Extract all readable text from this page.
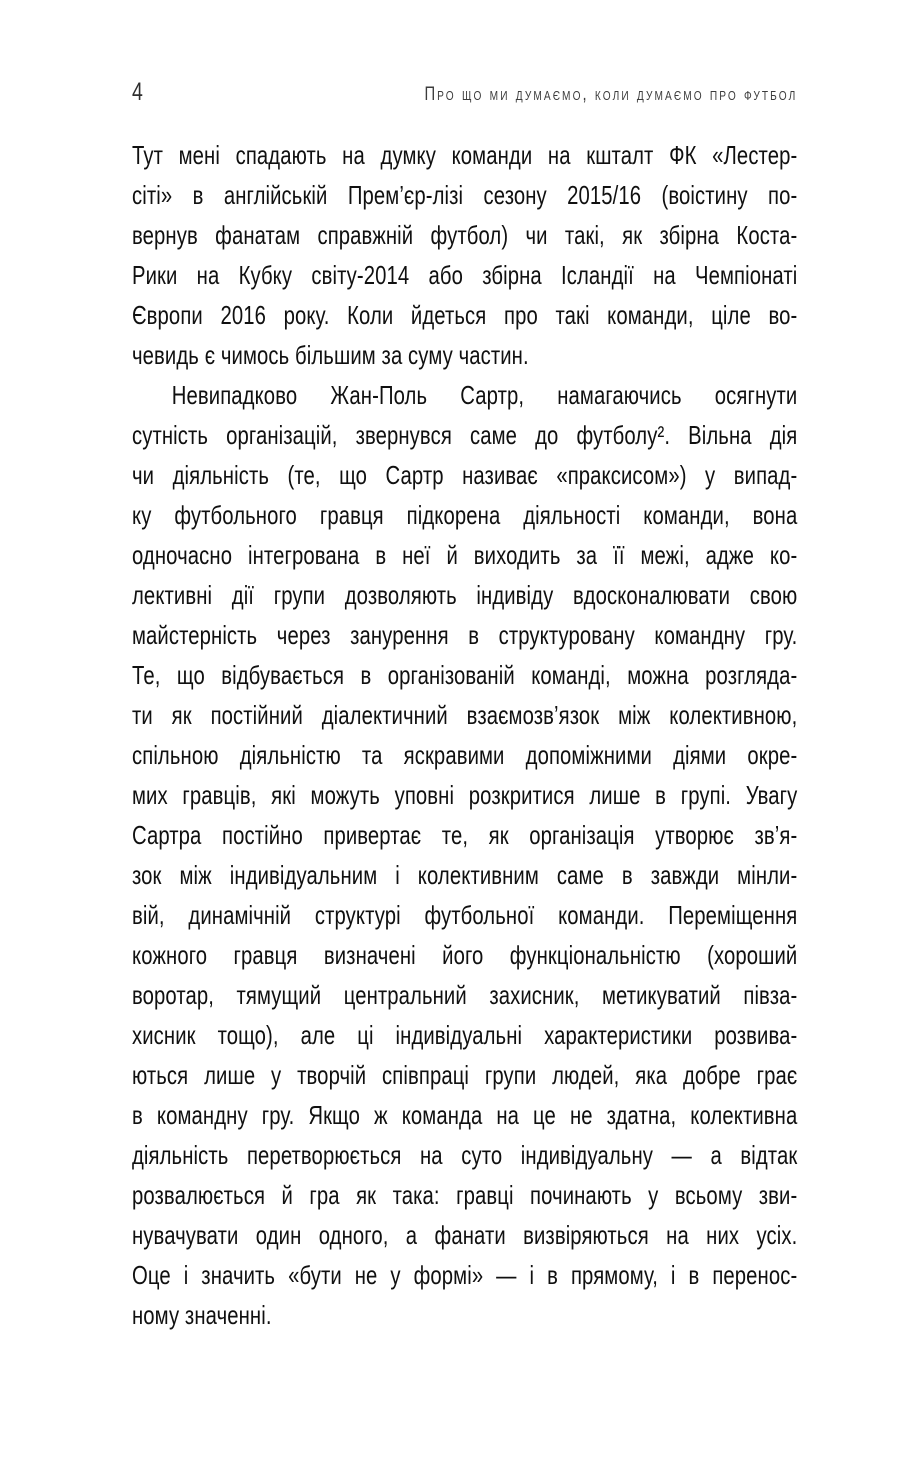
4	Про що ми думаємо, коли думаємо про футбол
Тут мені спадають на думку команди на кшталт ФК «Лестер-
сіті» в англійській Прем’єр-лізі сезону 2015/16 (воістину по-
вернув фанатам справжній футбол) чи такі, як збірна Коста-
Рики на Кубку світу-2014 або збірна Ісландії на Чемпіонаті
Європи 2016 року. Коли йдеться про такі команди, ціле во-
чевидь є чимось більшим за суму частин.
Невипадково Жан-Поль Сартр, намагаючись осягнути
сутність організацій, звернувся саме до футболу². Вільна дія
чи діяльність (те, що Сартр називає «праксисом») у випад-
ку футбольного гравця підкорена діяльності команди, вона
одночасно інтегрована в неї й виходить за її межі, адже ко-
лективні дії групи дозволяють індивіду вдосконалювати свою
майстерність через занурення в структуровану командну гру.
Те, що відбувається в організованій команді, можна розгляда-
ти як постійний діалектичний взаємозв’язок між колективною,
спільною діяльністю та яскравими допоміжними діями окре-
мих гравців, які можуть уповні розкритися лише в групі. Увагу
Сартра постійно привертає те, як організація утворює зв’я-
зок між індивідуальним і колективним саме в завжди мінли-
вій, динамічній структурі футбольної команди. Переміщення
кожного гравця визначені його функціональністю (хороший
воротар, тямущий центральний захисник, метикуватий півза-
хисник тощо), але ці індивідуальні характеристики розвива-
ються лише у творчій співпраці групи людей, яка добре грає
в командну гру. Якщо ж команда на це не здатна, колективна
діяльність перетворюється на суто індивідуальну — а відтак
розвалюється й гра як така: гравці починають у всьому зви-
нувачувати один одного, а фанати визвіряються на них усіх.
Оце і значить «бути не у формі» — і в прямому, і в перенос-
ному значенні.
